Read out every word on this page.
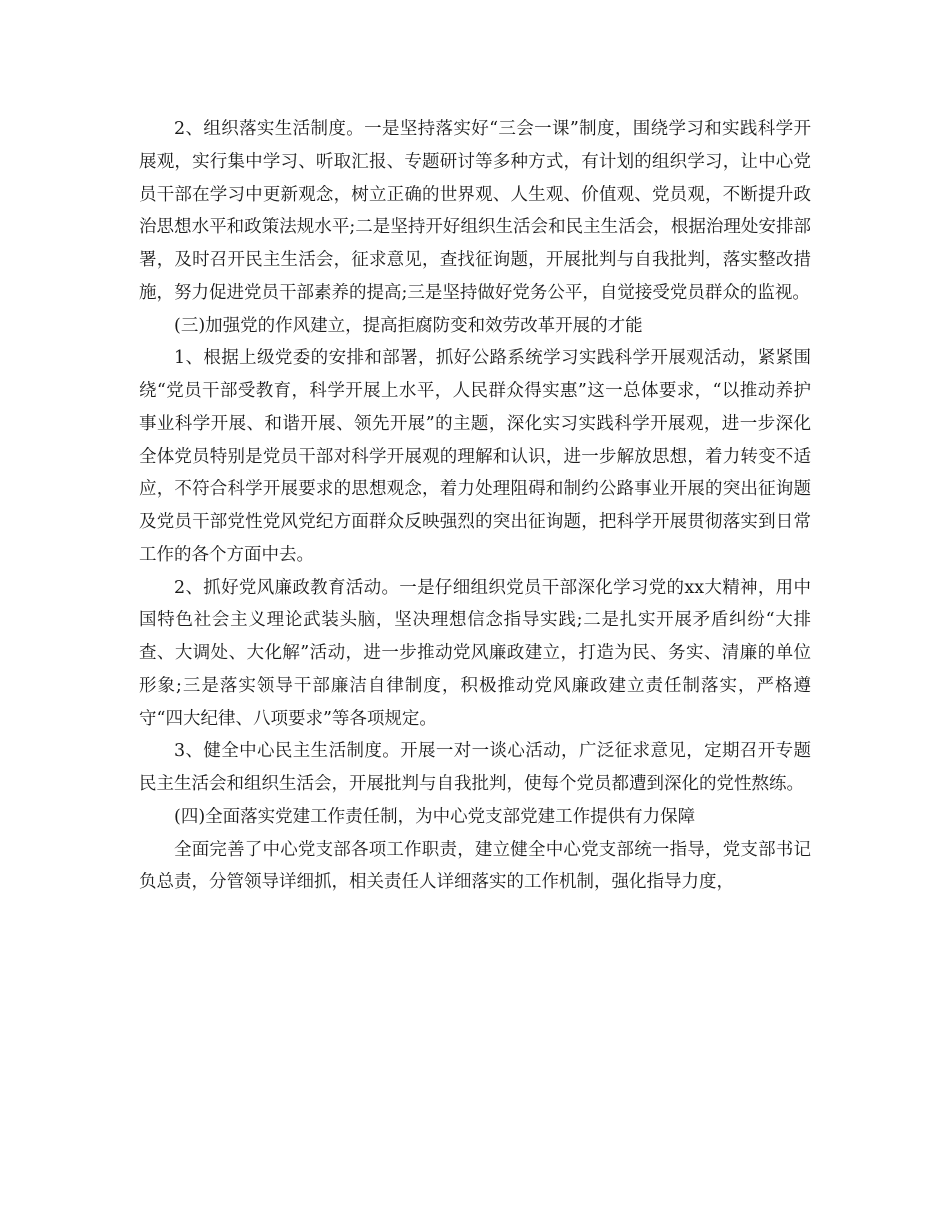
2、组织落实生活制度。一是坚持落实好“三会一课”制度，围绕学习和实践科学开展观，实行集中学习、听取汇报、专题研讨等多种方式，有计划的组织学习，让中心党员干部在学习中更新观念，树立正确的世界观、人生观、价值观、党员观，不断提升政治思想水平和政策法规水平;二是坚持开好组织生活会和民主生活会，根据治理处安排部署，及时召开民主生活会，征求意见，查找征询题，开展批判与自我批判，落实整改措施，努力促进党员干部素养的提高;三是坚持做好党务公平，自觉接受党员群众的监视。

(三)加强党的作风建立，提高拒腐防变和效劳改革开展的才能

1、根据上级党委的安排和部署，抓好公路系统学习实践科学开展观活动，紧紧围绕“党员干部受教育，科学开展上水平，人民群众得实惠”这一总体要求，“以推动养护事业科学开展、和谐开展、领先开展”的主题，深化实习实践科学开展观，进一步深化全体党员特别是党员干部对科学开展观的理解和认识，进一步解放思想，着力转变不适应，不符合科学开展要求的思想观念，着力处理阻碍和制约公路事业开展的突出征询题及党员干部党性党风党纪方面群众反映强烈的突出征询题，把科学开展贯彻落实到日常工作的各个方面中去。

2、抓好党风廉政教育活动。一是仔细组织党员干部深化学习党的xx大精神，用中国特色社会主义理论武装头脑，坚决理想信念指导实践;二是扎实开展矛盾纠纷“大排查、大调处、大化解”活动，进一步推动党风廉政建立，打造为民、务实、清廉的单位形象;三是落实领导干部廉洁自律制度，积极推动党风廉政建立责任制落实，严格遵守“四大纪律、八项要求”等各项规定。

3、健全中心民主生活制度。开展一对一谈心活动，广泛征求意见，定期召开专题民主生活会和组织生活会，开展批判与自我批判，使每个党员都遭到深化的党性熬练。

(四)全面落实党建工作责任制，为中心党支部党建工作提供有力保障

全面完善了中心党支部各项工作职责，建立健全中心党支部统一指导，党支部书记负总责，分管领导详细抓，相关责任人详细落实的工作机制，强化指导力度，
